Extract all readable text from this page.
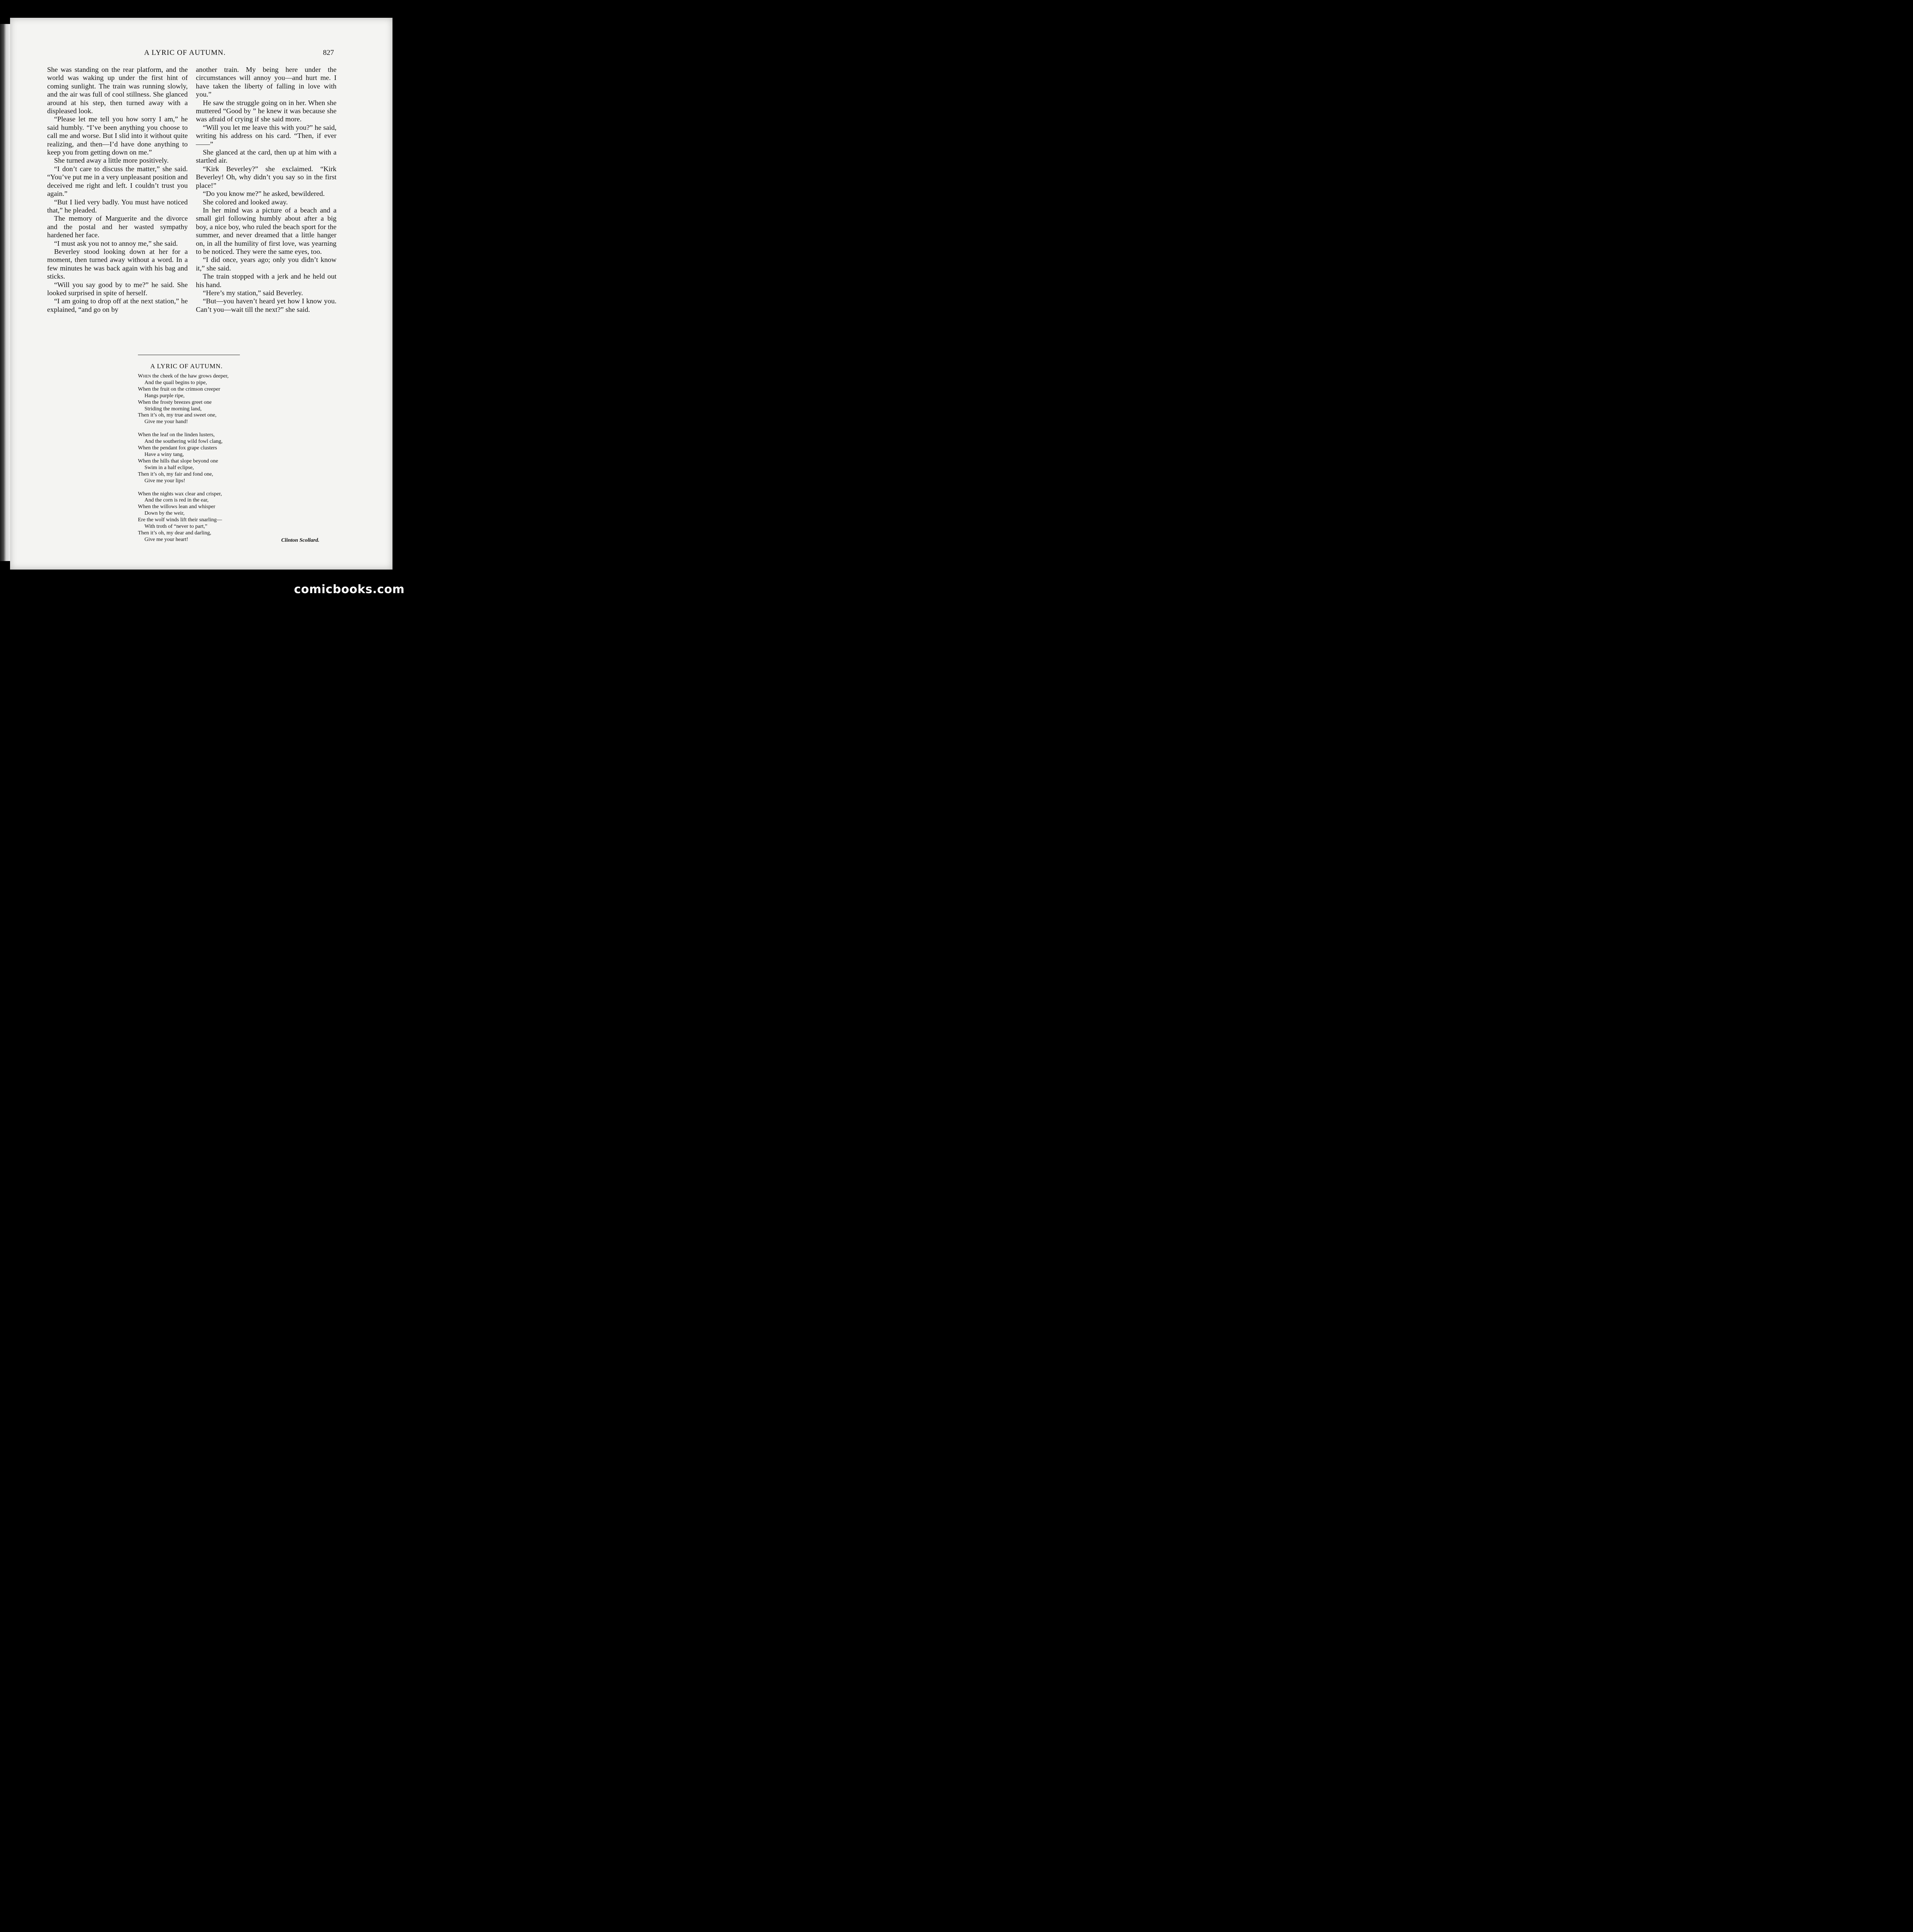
A LYRIC OF AUTUMN.	827

She was standing on the rear platform, and the world was waking up under the first hint of coming sunlight. The train was running slowly, and the air was full of cool stillness. She glanced around at his step, then turned away with a displeased look.

“Please let me tell you how sorry I am,” he said humbly. “I’ve been anything you choose to call me and worse. But I slid into it without quite realizing, and then—I’d have done anything to keep you from getting down on me.”

She turned away a little more positively.

“I don’t care to discuss the matter,” she said. “You’ve put me in a very unpleasant position and deceived me right and left. I couldn’t trust you again.”

“But I lied very badly. You must have noticed that,” he pleaded.

The memory of Marguerite and the divorce and the postal and her wasted sympathy hardened her face.

“I must ask you not to annoy me,” she said.

Beverley stood looking down at her for a moment, then turned away without a word. In a few minutes he was back again with his bag and sticks.

“Will you say good by to me?” he said. She looked surprised in spite of herself.

“I am going to drop off at the next station,” he explained, “and go on by

another train. My being here under the circumstances will annoy you—and hurt me. I have taken the liberty of falling in love with you.”

He saw the struggle going on in her. When she muttered “Good by ” he knew it was because she was afraid of crying if she said more.

“Will you let me leave this with you?” he said, writing his address on his card. “Then, if ever——”

She glanced at the card, then up at him with a startled air.

“Kirk Beverley?” she exclaimed. “Kirk Beverley! Oh, why didn’t you say so in the first place!”

“Do you know me?” he asked, bewildered.

She colored and looked away.

In her mind was a picture of a beach and a small girl following humbly about after a big boy, a nice boy, who ruled the beach sport for the summer, and never dreamed that a little hanger on, in all the humility of first love, was yearning to be noticed. They were the same eyes, too.

“I did once, years ago; only you didn’t know it,” she said.

The train stopped with a jerk and he held out his hand.

“Here’s my station,” said Beverley.

“But—you haven’t heard yet how I know you. Can’t you—wait till the next?” she said.

A LYRIC OF AUTUMN.
When the cheek of the haw grows deeper,
And the quail begins to pipe,
When the fruit on the crimson creeper
Hangs purple ripe,
When the frosty breezes greet one
Striding the morning land,
Then it’s oh, my true and sweet one,
Give me your hand!
When the leaf on the linden lusters,
And the southering wild fowl clang,
When the pendant fox grape clusters
Have a winy tang,
When the hills that slope beyond one
Swim in a half eclipse,
Then it’s oh, my fair and fond one,
Give me your lips!
When the nights wax clear and crisper,
And the corn is red in the ear,
When the willows lean and whisper
Down by the weir,
Ere the wolf winds lift their snarling—
With troth of “never to part,”
Then it’s oh, my dear and darling,
Give me your heart!	Clinton Scollard.
comicbooks.com
